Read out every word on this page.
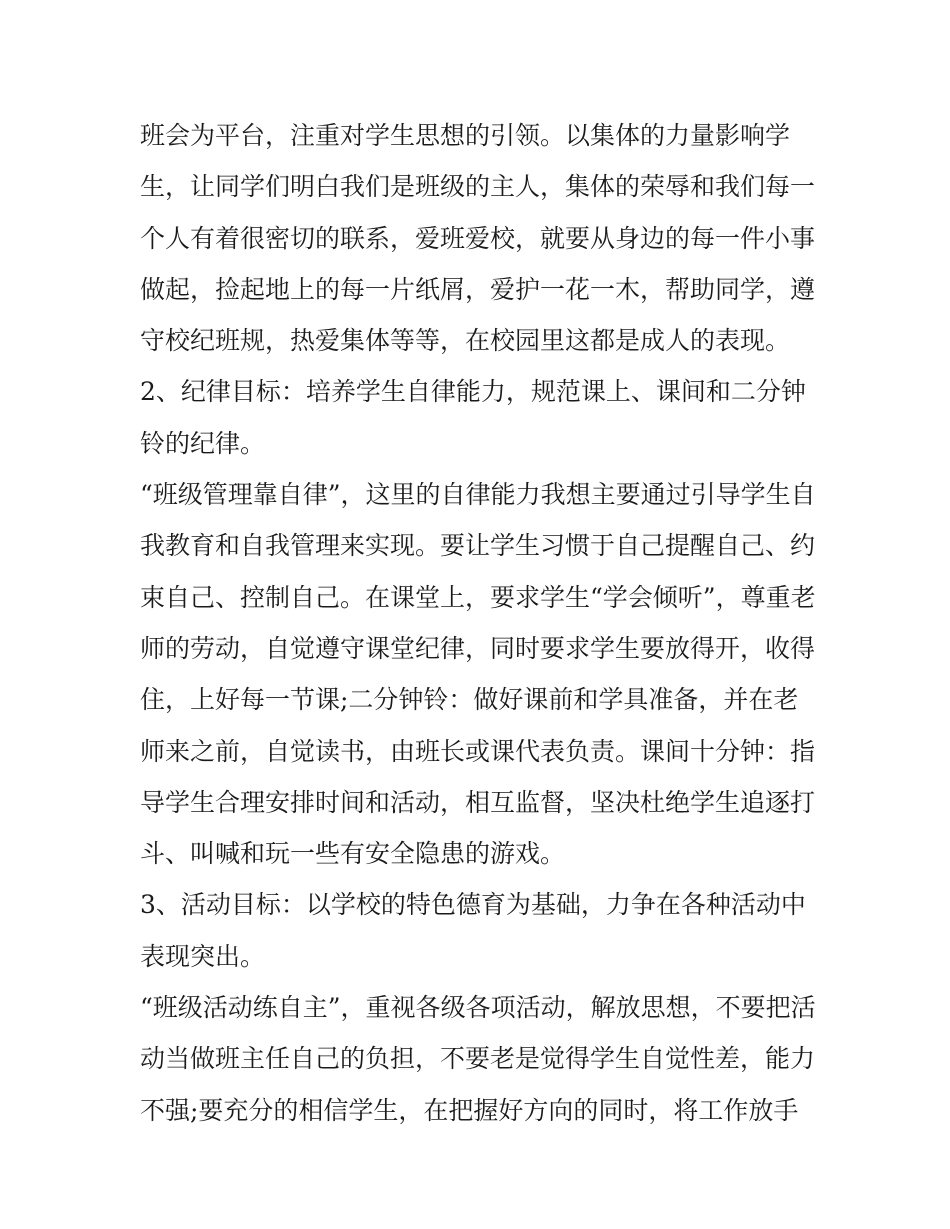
班会为平台，注重对学生思想的引领。以集体的力量影响学
生，让同学们明白我们是班级的主人，集体的荣辱和我们每一
个人有着很密切的联系，爱班爱校，就要从身边的每一件小事
做起，捡起地上的每一片纸屑，爱护一花一木，帮助同学，遵
守校纪班规，热爱集体等等，在校园里这都是成人的表现。
2、纪律目标：培养学生自律能力，规范课上、课间和二分钟
铃的纪律。
“班级管理靠自律”，这里的自律能力我想主要通过引导学生自
我教育和自我管理来实现。要让学生习惯于自己提醒自己、约
束自己、控制自己。在课堂上，要求学生“学会倾听”，尊重老
师的劳动，自觉遵守课堂纪律，同时要求学生要放得开，收得
住，上好每一节课;二分钟铃：做好课前和学具准备，并在老
师来之前，自觉读书，由班长或课代表负责。课间十分钟：指
导学生合理安排时间和活动，相互监督，坚决杜绝学生追逐打
斗、叫喊和玩一些有安全隐患的游戏。
3、活动目标：以学校的特色德育为基础，力争在各种活动中
表现突出。
“班级活动练自主”，重视各级各项活动，解放思想，不要把活
动当做班主任自己的负担，不要老是觉得学生自觉性差，能力
不强;要充分的相信学生，在把握好方向的同时，将工作放手
